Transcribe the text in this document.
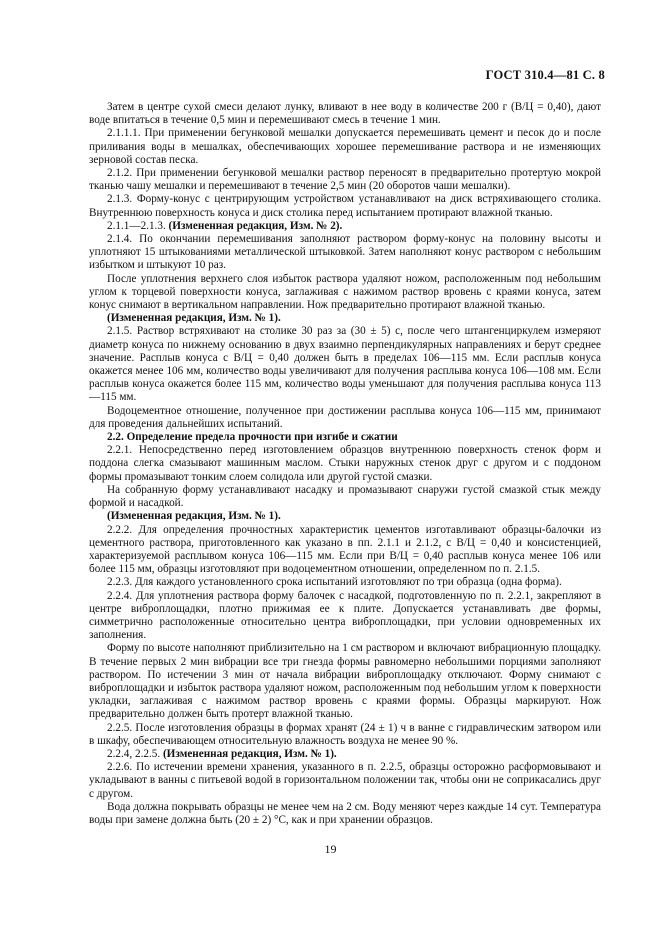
ГОСТ 310.4—81 С. 8

Затем в центре сухой смеси делают лунку, вливают в нее воду в количестве 200 г (В/Ц = 0,40), дают воде впитаться в течение 0,5 мин и перемешивают смесь в течение 1 мин.

2.1.1.1. При применении бегунковой мешалки допускается перемешивать цемент и песок до и после приливания воды в мешалках, обеспечивающих хорошее перемешивание раствора и не изменяющих зерновой состав песка.

2.1.2. При применении бегунковой мешалки раствор переносят в предварительно протертую мокрой тканью чашу мешалки и перемешивают в течение 2,5 мин (20 оборотов чаши мешалки).

2.1.3. Форму-конус с центрирующим устройством устанавливают на диск встряхивающего столика. Внутреннюю поверхность конуса и диск столика перед испытанием протирают влажной тканью.

2.1.1—2.1.3. (Измененная редакция, Изм. № 2).

2.1.4. По окончании перемешивания заполняют раствором форму-конус на половину высоты и уплотняют 15 штыкованиями металлической штыковкой. Затем наполняют конус раствором с небольшим избытком и штыкуют 10 раз.

После уплотнения верхнего слоя избыток раствора удаляют ножом, расположенным под небольшим углом к торцевой поверхности конуса, заглаживая с нажимом раствор вровень с краями конуса, затем конус снимают в вертикальном направлении. Нож предварительно протирают влажной тканью.

(Измененная редакция, Изм. № 1).

2.1.5. Раствор встряхивают на столике 30 раз за (30 ± 5) с, после чего штангенциркулем измеряют диаметр конуса по нижнему основанию в двух взаимно перпендикулярных направлениях и берут среднее значение. Расплыв конуса с В/Ц = 0,40 должен быть в пределах 106—115 мм. Если расплыв конуса окажется менее 106 мм, количество воды увеличивают для получения расплыва конуса 106—108 мм. Если расплыв конуса окажется более 115 мм, количество воды уменьшают для получения расплыва конуса 113—115 мм.

Водоцементное отношение, полученное при достижении расплыва конуса 106—115 мм, принимают для проведения дальнейших испытаний.

2.2. Определение предела прочности при изгибе и сжатии

2.2.1. Непосредственно перед изготовлением образцов внутреннюю поверхность стенок форм и поддона слегка смазывают машинным маслом. Стыки наружных стенок друг с другом и с поддоном формы промазывают тонким слоем солидола или другой густой смазки.

На собранную форму устанавливают насадку и промазывают снаружи густой смазкой стык между формой и насадкой.

(Измененная редакция, Изм. № 1).

2.2.2. Для определения прочностных характеристик цементов изготавливают образцы-балочки из цементного раствора, приготовленного как указано в пп. 2.1.1 и 2.1.2, с В/Ц = 0,40 и консистенцией, характеризуемой расплывом конуса 106—115 мм. Если при В/Ц = 0,40 расплыв конуса менее 106 или более 115 мм, образцы изготовляют при водоцементном отношении, определенном по п. 2.1.5.

2.2.3. Для каждого установленного срока испытаний изготовляют по три образца (одна форма).

2.2.4. Для уплотнения раствора форму балочек с насадкой, подготовленную по п. 2.2.1, закрепляют в центре виброплощадки, плотно прижимая ее к плите. Допускается устанавливать две формы, симметрично расположенные относительно центра виброплощадки, при условии одновременных их заполнения.

Форму по высоте наполняют приблизительно на 1 см раствором и включают вибрационную площадку. В течение первых 2 мин вибрации все три гнезда формы равномерно небольшими порциями заполняют раствором. По истечении 3 мин от начала вибрации виброплощадку отключают. Форму снимают с виброплощадки и избыток раствора удаляют ножом, расположенным под небольшим углом к поверхности укладки, заглаживая с нажимом раствор вровень с краями формы. Образцы маркируют. Нож предварительно должен быть протерт влажной тканью.

2.2.5. После изготовления образцы в формах хранят (24 ± 1) ч в ванне с гидравлическим затвором или в шкафу, обеспечивающем относительную влажность воздуха не менее 90 %.

2.2.4, 2.2.5. (Измененная редакция, Изм. № 1).

2.2.6. По истечении времени хранения, указанного в п. 2.2.5, образцы осторожно расформовывают и укладывают в ванны с питьевой водой в горизонтальном положении так, чтобы они не соприкасались друг с другом.

Вода должна покрывать образцы не менее чем на 2 см. Воду меняют через каждые 14 сут. Температура воды при замене должна быть (20 ± 2) °С, как и при хранении образцов.

19
